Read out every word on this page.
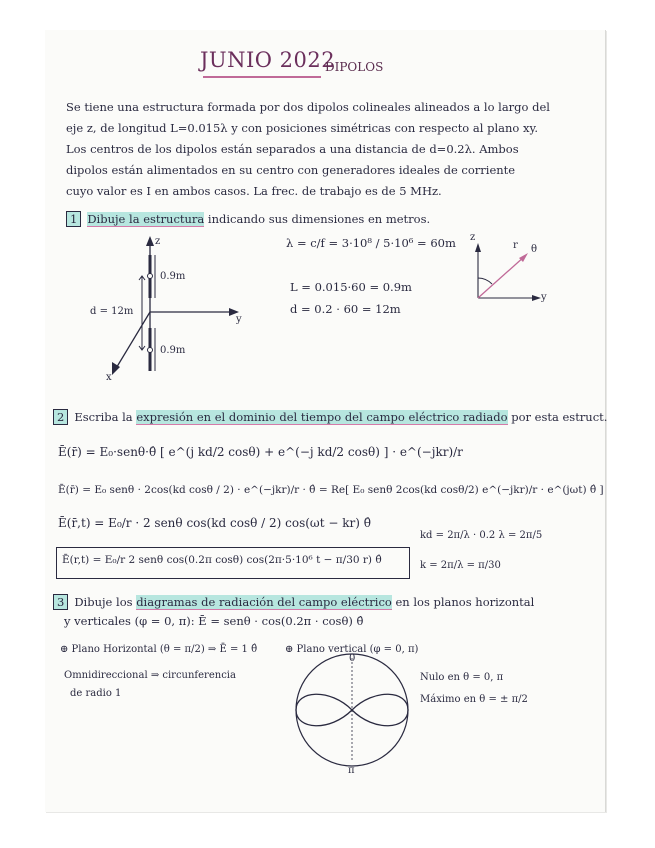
JUNIO 2022
DIPOLOS
Se tiene una estructura formada por dos dipolos colineales alineados a lo largo del
eje z, de longitud L=0.015λ y con posiciones simétricas con respecto al plano xy.
Los centros de los dipolos están separados a una distancia de d=0.2λ. Ambos
dipolos están alimentados en su centro con generadores ideales de corriente
cuyo valor es I en ambos casos. La frec. de trabajo es de 5 MHz.
1 Dibuje la estructura indicando sus dimensiones en metros.
z
y
x
0.9m
0.9m
d = 12m
λ = c/f = 3·10⁸ / 5·10⁶ = 60m
L = 0.015·60 = 0.9m
d = 0.2 · 60 = 12m
z
y
θ
r
2 Escriba la expresión en el dominio del tiempo del campo eléctrico radiado por esta estruct.
Ē(r̄) = E₀·senθ·θ̂ [ e^(j kd/2 cosθ) + e^(−j kd/2 cosθ) ] · e^(−jkr)/r
Ē(r̄) = E₀ senθ · 2cos(kd cosθ / 2) · e^(−jkr)/r · θ̂ = Re[ E₀ senθ 2cos(kd cosθ/2) e^(−jkr)/r · e^(jωt) θ̂ ]
Ē(r̄,t) = E₀/r · 2 senθ cos(kd cosθ / 2) cos(ωt − kr) θ̂
Ē(r,t) = E₀/r 2 senθ cos(0.2π cosθ) cos(2π·5·10⁶ t − π/30 r) θ̂
kd = 2π/λ · 0.2 λ = 2π/5
k = 2π/λ = π/30
3 Dibuje los diagramas de radiación del campo eléctrico en los planos horizontal
y verticales (φ = 0, π): Ē = senθ · cos(0.2π · cosθ) θ̂
⊕ Plano Horizontal (θ = π/2) ⇒ Ē = 1 θ̂
Omnidireccional ⇒ circunferencia
de radio 1
⊕ Plano vertical (φ = 0, π)
0
π
Nulo en θ = 0, π
Máximo en θ = ± π/2
